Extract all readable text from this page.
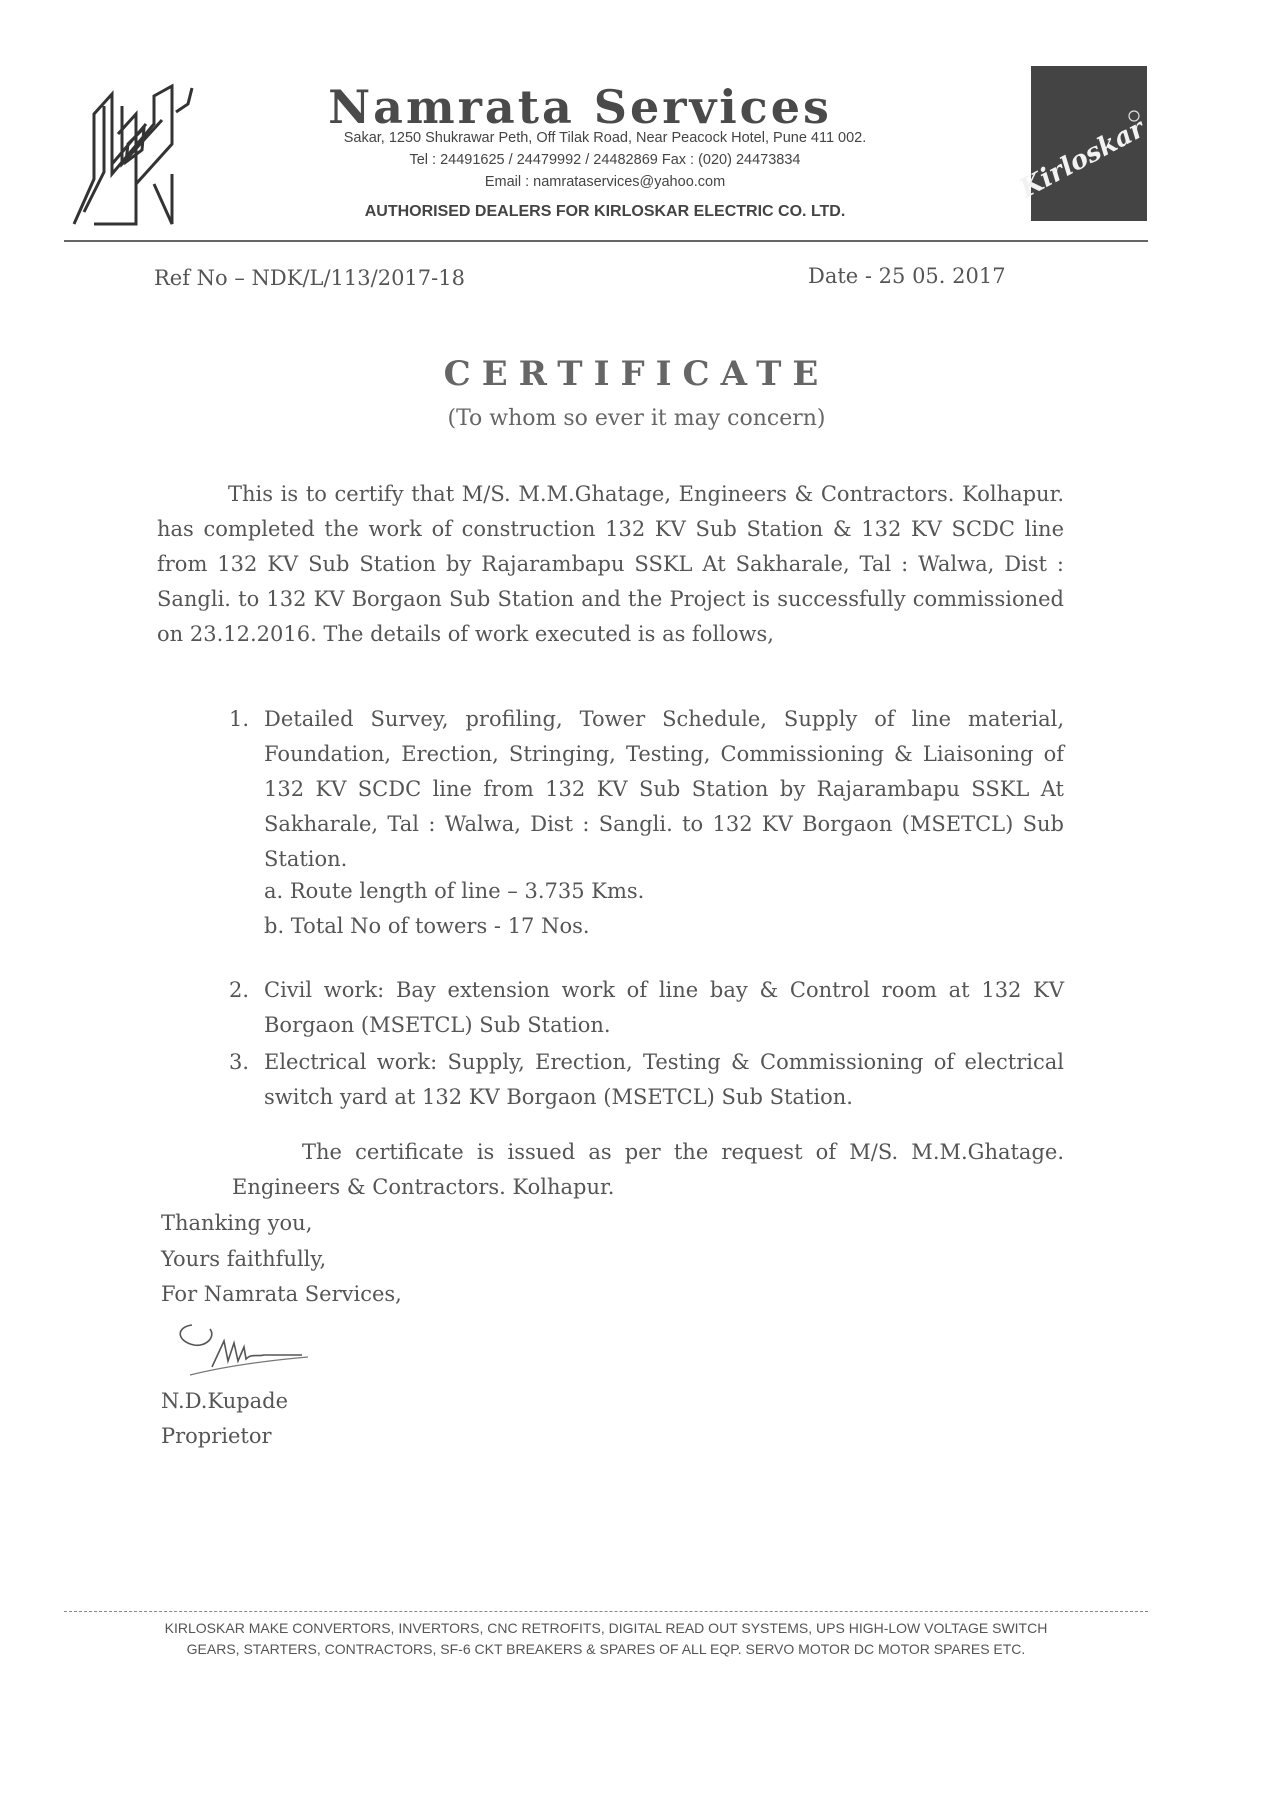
Namrata Services
Sakar, 1250 Shukrawar Peth, Off Tilak Road, Near Peacock Hotel, Pune 411 002.
Tel : 24491625 / 24479992 / 24482869 Fax : (020) 24473834
Email : namrataservices@yahoo.com
AUTHORISED DEALERS FOR KIRLOSKAR ELECTRIC CO. LTD.
Kirloskar
Ref No – NDK/L/113/2017-18	Date - 25 05. 2017
CERTIFICATE
(To whom so ever it may concern)
This is to certify that M/S. M.M.Ghatage, Engineers & Contractors. Kolhapur. has completed the work of construction 132 KV Sub Station & 132 KV SCDC line from 132 KV Sub Station by Rajarambapu SSKL At Sakharale, Tal : Walwa, Dist : Sangli. to 132 KV Borgaon Sub Station and the Project is successfully commissioned on 23.12.2016. The details of work executed is as follows,
1. Detailed Survey, profiling, Tower Schedule, Supply of line material, Foundation, Erection, Stringing, Testing, Commissioning & Liaisoning of 132 KV SCDC line from 132 KV Sub Station by Rajarambapu SSKL At Sakharale, Tal : Walwa, Dist : Sangli. to 132 KV Borgaon (MSETCL) Sub Station.
a. Route length of line – 3.735 Kms.
b. Total No of towers - 17 Nos.
2. Civil work: Bay extension work of line bay & Control room at 132 KV Borgaon (MSETCL) Sub Station.
3. Electrical work: Supply, Erection, Testing & Commissioning of electrical switch yard at 132 KV Borgaon (MSETCL) Sub Station.
The certificate is issued as per the request of M/S. M.M.Ghatage. Engineers & Contractors. Kolhapur.
Thanking you,
Yours faithfully,
For Namrata Services,
N.D.Kupade
Proprietor
KIRLOSKAR MAKE CONVERTORS, INVERTORS, CNC RETROFITS, DIGITAL READ OUT SYSTEMS, UPS HIGH-LOW VOLTAGE SWITCH
GEARS, STARTERS, CONTRACTORS, SF-6 CKT BREAKERS & SPARES OF ALL EQP. SERVO MOTOR DC MOTOR SPARES ETC.
